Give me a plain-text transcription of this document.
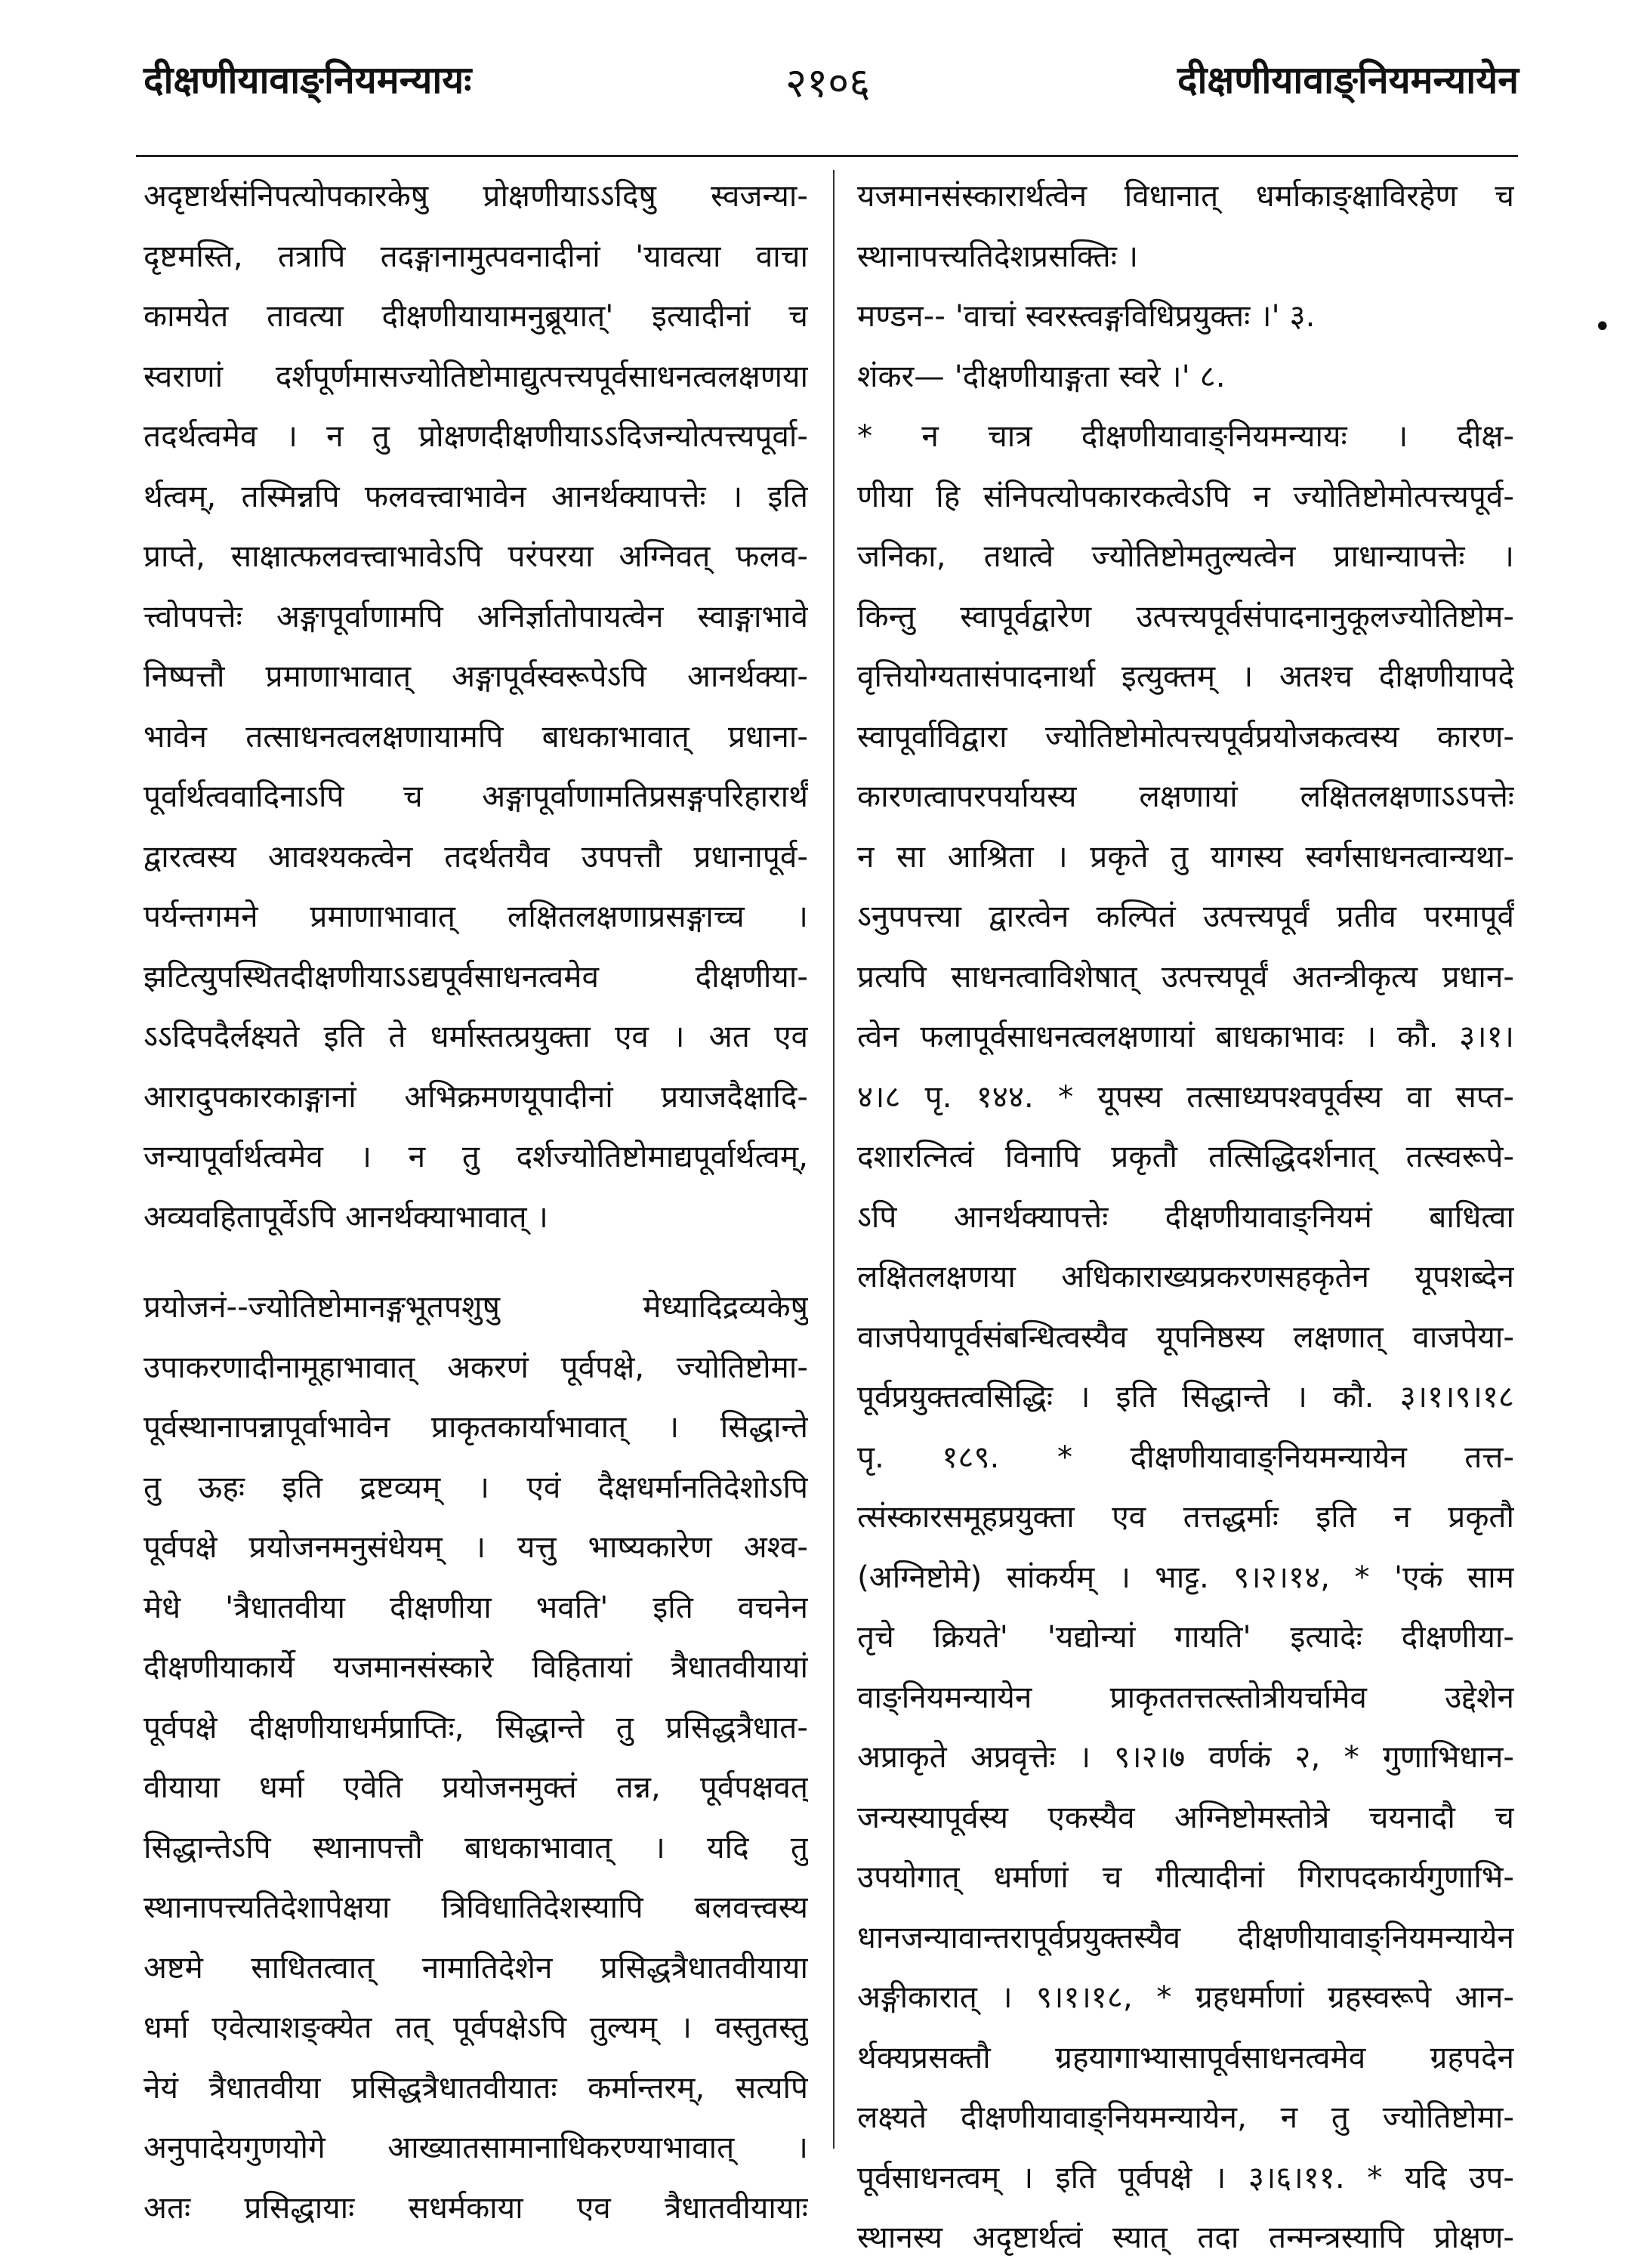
दीक्षणीयावाङ्नियमन्यायः	२१०६	दीक्षणीयावाङ्नियमन्यायेन
अदृष्टार्थसंनिपत्योपकारकेषु प्रोक्षणीयाऽऽदिषु स्वजन्या-
दृष्टमस्ति, तत्रापि तदङ्गानामुत्पवनादीनां 'यावत्या वाचा
कामयेत तावत्या दीक्षणीयायामनुब्रूयात्' इत्यादीनां च
स्वराणां दर्शपूर्णमासज्योतिष्टोमाद्युत्पत्त्यपूर्वसाधनत्वलक्षणया
तदर्थत्वमेव । न तु प्रोक्षणदीक्षणीयाऽऽदिजन्योत्पत्त्यपूर्वा-
र्थत्वम्, तस्मिन्नपि फलवत्त्वाभावेन आनर्थक्यापत्तेः । इति
प्राप्ते, साक्षात्फलवत्त्वाभावेऽपि परंपरया अग्निवत् फलव-
त्त्वोपपत्तेः अङ्गापूर्वाणामपि अनिर्ज्ञातोपायत्वेन स्वाङ्गाभावे
निष्पत्तौ प्रमाणाभावात् अङ्गापूर्वस्वरूपेऽपि आनर्थक्या-
भावेन तत्साधनत्वलक्षणायामपि बाधकाभावात् प्रधाना-
पूर्वार्थत्ववादिनाऽपि च अङ्गापूर्वाणामतिप्रसङ्गपरिहारार्थं
द्वारत्वस्य आवश्यकत्वेन तदर्थतयैव उपपत्तौ प्रधानापूर्व-
पर्यन्तगमने प्रमाणाभावात् लक्षितलक्षणाप्रसङ्गाच्च ।
झटित्युपस्थितदीक्षणीयाऽऽद्यपूर्वसाधनत्वमेव दीक्षणीया-
ऽऽदिपदैर्लक्ष्यते इति ते धर्मास्तत्प्रयुक्ता एव । अत एव
आरादुपकारकाङ्गानां अभिक्रमणयूपादीनां प्रयाजदैक्षादि-
जन्यापूर्वार्थत्वमेव । न तु दर्शज्योतिष्टोमाद्यपूर्वार्थत्वम्,
अव्यवहितापूर्वेऽपि आनर्थक्याभावात् ।
प्रयोजनं--ज्योतिष्टोमानङ्गभूतपशुषु मेध्यादिद्रव्यकेषु
उपाकरणादीनामूहाभावात् अकरणं पूर्वपक्षे, ज्योतिष्टोमा-
पूर्वस्थानापन्नापूर्वाभावेन प्राकृतकार्याभावात् । सिद्धान्ते
तु ऊहः इति द्रष्टव्यम् । एवं दैक्षधर्मानतिदेशोऽपि
पूर्वपक्षे प्रयोजनमनुसंधेयम् । यत्तु भाष्यकारेण अश्व-
मेधे 'त्रैधातवीया दीक्षणीया भवति' इति वचनेन
दीक्षणीयाकार्ये यजमानसंस्कारे विहितायां त्रैधातवीयायां
पूर्वपक्षे दीक्षणीयाधर्मप्राप्तिः, सिद्धान्ते तु प्रसिद्धत्रैधात-
वीयाया धर्मा एवेति प्रयोजनमुक्तं तन्न, पूर्वपक्षवत्
सिद्धान्तेऽपि स्थानापत्तौ बाधकाभावात् । यदि तु
स्थानापत्त्यतिदेशापेक्षया त्रिविधातिदेशस्यापि बलवत्त्वस्य
अष्टमे साधितत्वात् नामातिदेशेन प्रसिद्धत्रैधातवीयाया
धर्मा एवेत्याशङ्क्येत तत् पूर्वपक्षेऽपि तुल्यम् । वस्तुतस्तु
नेयं त्रैधातवीया प्रसिद्धत्रैधातवीयातः कर्मान्तरम्, सत्यपि
अनुपादेयगुणयोगे आख्यातसामानाधिकरण्याभावात् ।
अतः प्रसिद्धायाः सधर्मकाया एव त्रैधातवीयायाः
यजमानसंस्कारार्थत्वेन विधानात् धर्माकाङ्क्षाविरहेण च
स्थानापत्त्यतिदेशप्रसक्तिः ।
मण्डन-- 'वाचां स्वरस्त्वङ्गविधिप्रयुक्तः ।' ३.
शंकर— 'दीक्षणीयाङ्गता स्वरे ।' ८.
* न चात्र दीक्षणीयावाङ्नियमन्यायः । दीक्ष-
णीया हि संनिपत्योपकारकत्वेऽपि न ज्योतिष्टोमोत्पत्त्यपूर्व-
जनिका, तथात्वे ज्योतिष्टोमतुल्यत्वेन प्राधान्यापत्तेः ।
किन्तु स्वापूर्वद्वारेण उत्पत्त्यपूर्वसंपादनानुकूलज्योतिष्टोम-
वृत्तियोग्यतासंपादनार्था इत्युक्तम् । अतश्च दीक्षणीयापदे
स्वापूर्वाविद्वारा ज्योतिष्टोमोत्पत्त्यपूर्वप्रयोजकत्वस्य कारण-
कारणत्वापरपर्यायस्य लक्षणायां लक्षितलक्षणाऽऽपत्तेः
न सा आश्रिता । प्रकृते तु यागस्य स्वर्गसाधनत्वान्यथा-
ऽनुपपत्त्या द्वारत्वेन कल्पितं उत्पत्त्यपूर्वं प्रतीव परमापूर्वं
प्रत्यपि साधनत्वाविशेषात् उत्पत्त्यपूर्वं अतन्त्रीकृत्य प्रधान-
त्वेन फलापूर्वसाधनत्वलक्षणायां बाधकाभावः । कौ. ३।१।
४।८ पृ. १४४. * यूपस्य तत्साध्यपश्वपूर्वस्य वा सप्त-
दशारत्नित्वं विनापि प्रकृतौ तत्सिद्धिदर्शनात् तत्स्वरूपे-
ऽपि आनर्थक्यापत्तेः दीक्षणीयावाङ्नियमं बाधित्वा
लक्षितलक्षणया अधिकाराख्यप्रकरणसहकृतेन यूपशब्देन
वाजपेयापूर्वसंबन्धित्वस्यैव यूपनिष्ठस्य लक्षणात् वाजपेया-
पूर्वप्रयुक्तत्वसिद्धिः । इति सिद्धान्ते । कौ. ३।१।९।१८
पृ. १८९. * दीक्षणीयावाङ्नियमन्यायेन तत्त-
त्संस्कारसमूहप्रयुक्ता एव तत्तद्धर्माः इति न प्रकृतौ
(अग्निष्टोमे) सांकर्यम् । भाट्ट. ९।२।१४, * 'एकं साम
तृचे क्रियते' 'यद्योन्यां गायति' इत्यादेः दीक्षणीया-
वाङ्नियमन्यायेन प्राकृततत्तत्स्तोत्रीयर्चामेव उद्देशेन
अप्राकृते अप्रवृत्तेः । ९।२।७ वर्णकं २, * गुणाभिधान-
जन्यस्यापूर्वस्य एकस्यैव अग्निष्टोमस्तोत्रे चयनादौ च
उपयोगात् धर्माणां च गीत्यादीनां गिरापदकार्यगुणाभि-
धानजन्यावान्तरापूर्वप्रयुक्तस्यैव दीक्षणीयावाङ्नियमन्यायेन
अङ्गीकारात् । ९।१।१८, * ग्रहधर्माणां ग्रहस्वरूपे आन-
र्थक्यप्रसक्तौ ग्रहयागाभ्यासापूर्वसाधनत्वमेव ग्रहपदेन
लक्ष्यते दीक्षणीयावाङ्नियमन्यायेन, न तु ज्योतिष्टोमा-
पूर्वसाधनत्वम् । इति पूर्वपक्षे । ३।६।११. * यदि उप-
स्थानस्य अदृष्टार्थत्वं स्यात् तदा तन्मन्त्रस्यापि प्रोक्षण-
•
